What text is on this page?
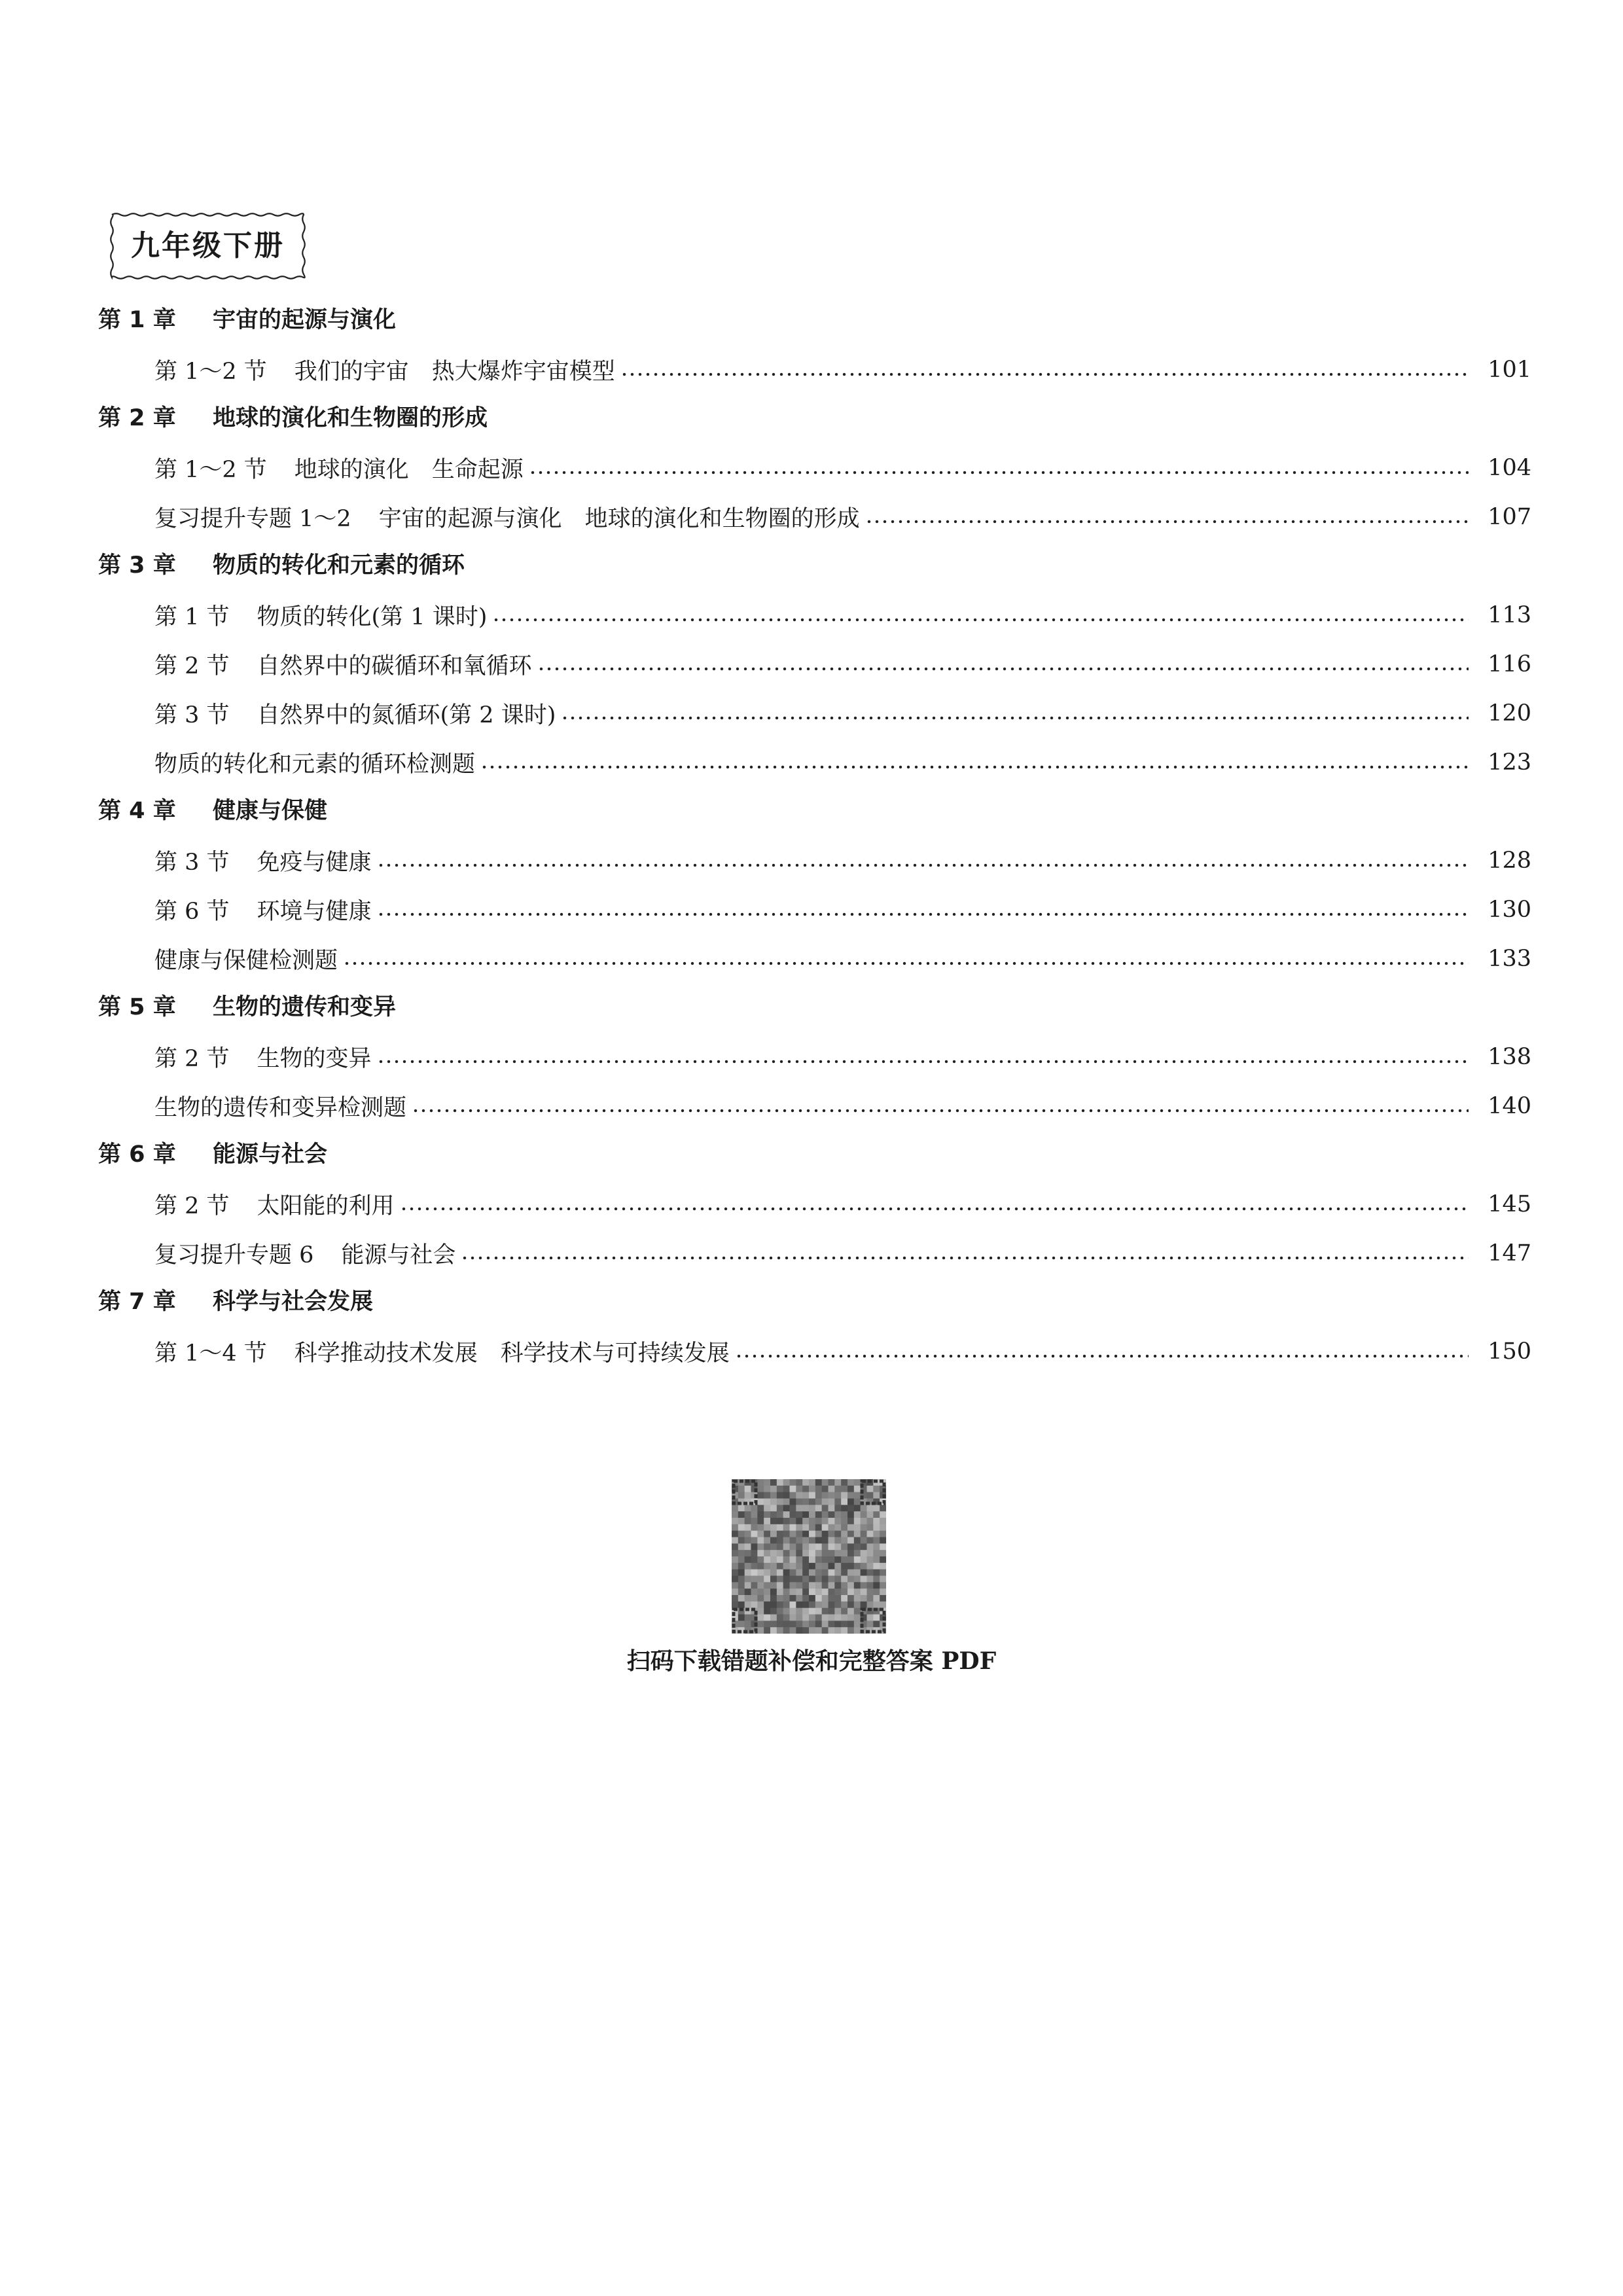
九年级下册
第 1 章 宇宙的起源与演化
第 1～2 节 我们的宇宙　热大爆炸宇宙模型	101
第 2 章 地球的演化和生物圈的形成
第 1～2 节 地球的演化　生命起源	104
复习提升专题 1～2 宇宙的起源与演化　地球的演化和生物圈的形成	107
第 3 章 物质的转化和元素的循环
第 1 节 物质的转化(第 1 课时)	113
第 2 节 自然界中的碳循环和氧循环	116
第 3 节 自然界中的氮循环(第 2 课时)	120
物质的转化和元素的循环检测题	123
第 4 章 健康与保健
第 3 节 免疫与健康	128
第 6 节 环境与健康	130
健康与保健检测题	133
第 5 章 生物的遗传和变异
第 2 节 生物的变异	138
生物的遗传和变异检测题	140
第 6 章 能源与社会
第 2 节 太阳能的利用	145
复习提升专题 6 能源与社会	147
第 7 章 科学与社会发展
第 1～4 节 科学推动技术发展　科学技术与可持续发展	150
扫码下载错题补偿和完整答案 PDF
